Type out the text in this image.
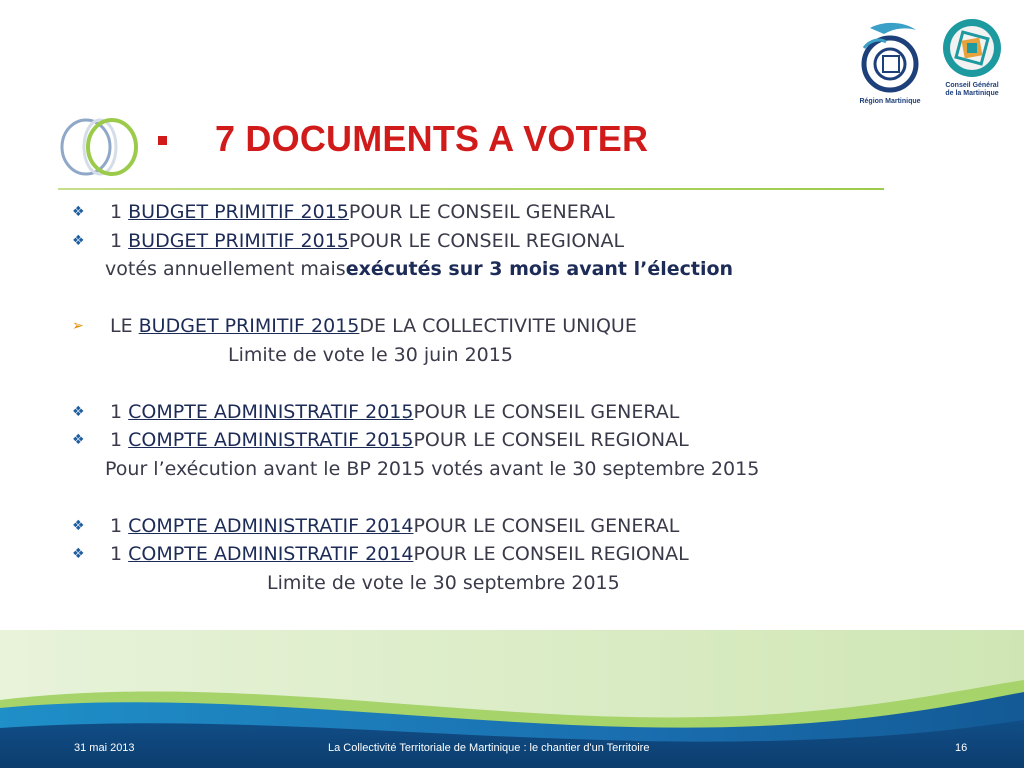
Région Martinique
Conseil Général
de la Martinique
7 DOCUMENTS A VOTER
❖	1
BUDGET PRIMITIF 2015 POUR LE CONSEIL GENERAL
❖	1
BUDGET PRIMITIF 2015 POUR LE CONSEIL REGIONAL
votés annuellement mais exécutés sur 3 mois avant l’élection
➢	LE
BUDGET PRIMITIF 2015 DE LA COLLECTIVITE UNIQUE
Limite de vote le 30 juin 2015
❖	1
COMPTE ADMINISTRATIF 2015 POUR LE CONSEIL GENERAL
❖	1
COMPTE ADMINISTRATIF 2015 POUR LE CONSEIL REGIONAL
Pour l’exécution avant le BP 2015 votés avant le 30 septembre 2015
❖	1
COMPTE ADMINISTRATIF 2014 POUR LE CONSEIL GENERAL
❖	1
COMPTE ADMINISTRATIF 2014 POUR LE CONSEIL REGIONAL
Limite de vote le 30 septembre 2015
31 mai 2013	La Collectivité Territoriale de Martinique : le chantier d'un Territoire	16
